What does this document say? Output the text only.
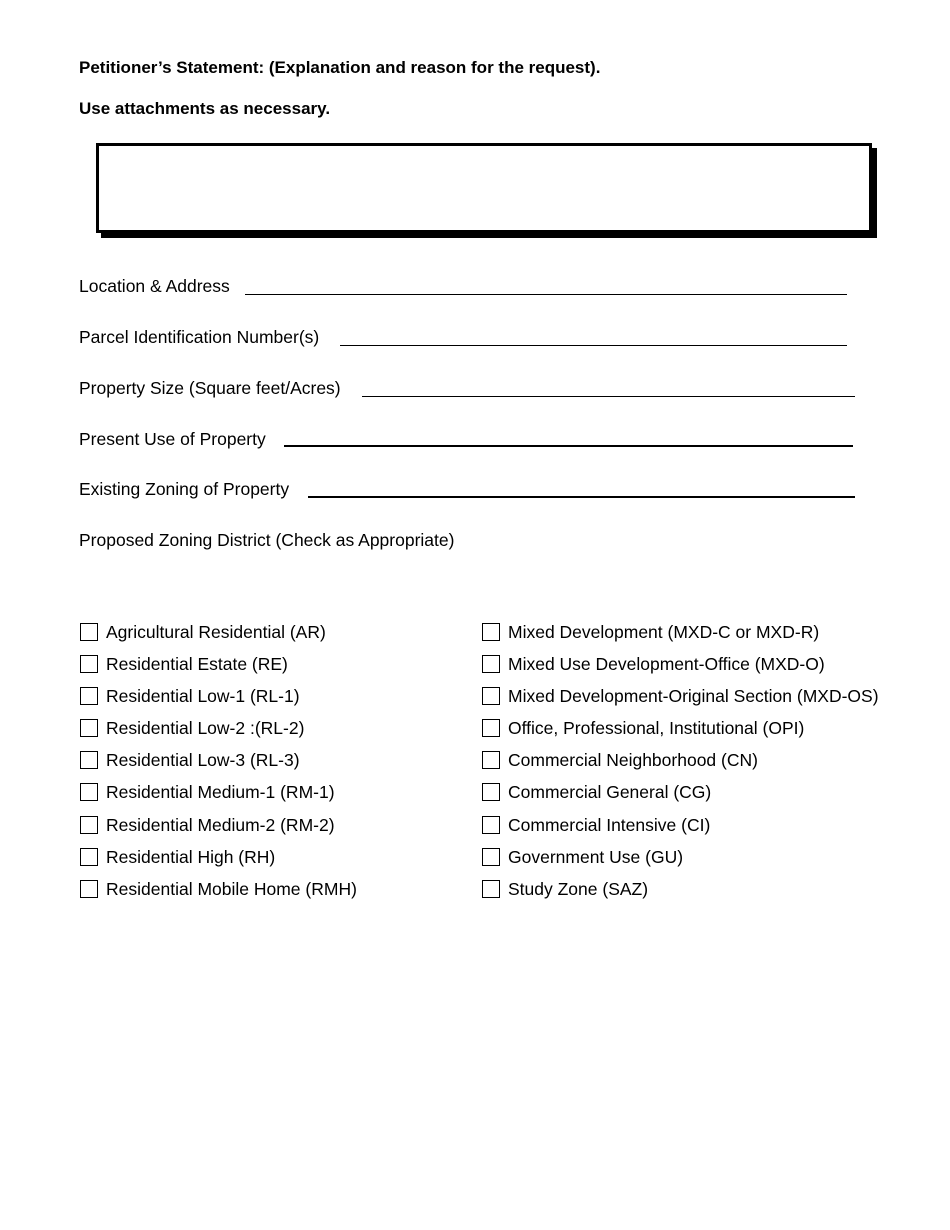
Petitioner’s Statement: (Explanation and reason for the request).
Use attachments as necessary.
Location & Address
Parcel Identification Number(s)
Property Size (Square feet/Acres)
Present Use of Property
Existing Zoning of Property
Proposed Zoning District (Check as Appropriate)
Agricultural Residential (AR)
Residential Estate (RE)
Residential Low-1 (RL-1)
Residential Low-2 :(RL-2)
Residential Low-3 (RL-3)
Residential Medium-1 (RM-1)
Residential Medium-2 (RM-2)
Residential High (RH)
Residential Mobile Home (RMH)
Mixed Development (MXD-C or MXD-R)
Mixed Use Development-Office (MXD-O)
Mixed Development-Original Section (MXD-OS)
Office, Professional, Institutional (OPI)
Commercial Neighborhood (CN)
Commercial General (CG)
Commercial Intensive (CI)
Government Use (GU)
Study Zone (SAZ)
